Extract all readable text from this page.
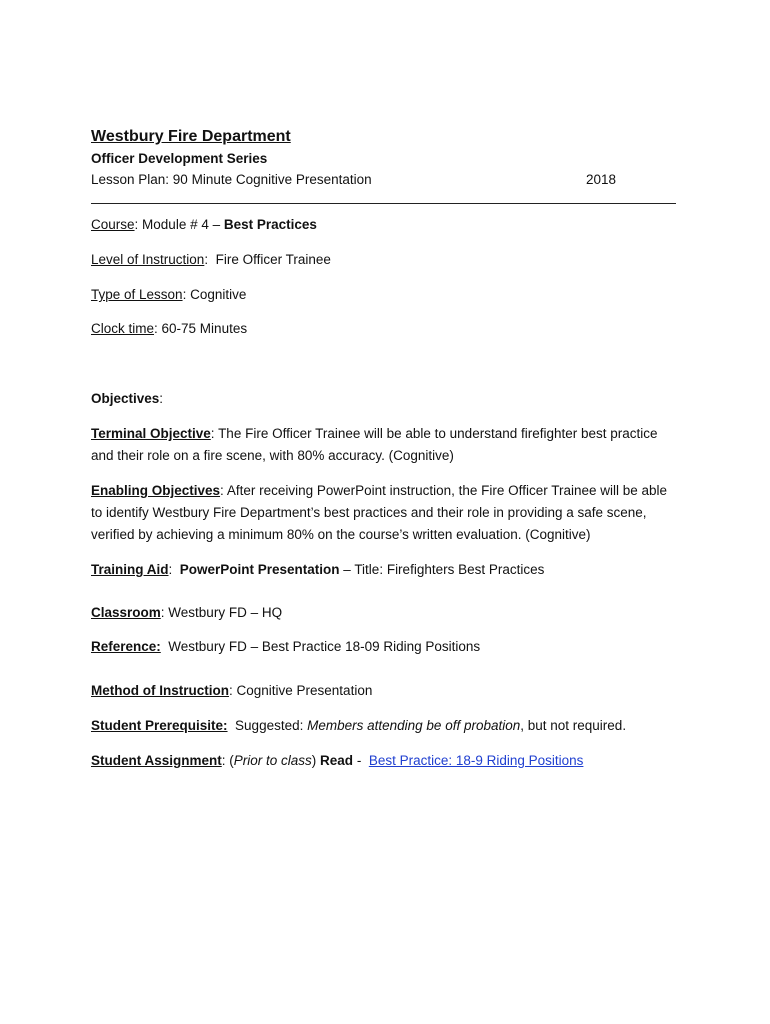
Westbury Fire Department
Officer Development Series
Lesson Plan: 90 Minute Cognitive Presentation	2018

Course: Module # 4 – Best Practices

Level of Instruction:  Fire Officer Trainee

Type of Lesson: Cognitive

Clock time: 60-75 Minutes

Objectives:

Terminal Objective: The Fire Officer Trainee will be able to understand firefighter best practice and their role on a fire scene, with 80% accuracy. (Cognitive)

Enabling Objectives: After receiving PowerPoint instruction, the Fire Officer Trainee will be able to identify Westbury Fire Department’s best practices and their role in providing a safe scene, verified by achieving a minimum 80% on the course’s written evaluation. (Cognitive)

Training Aid:  PowerPoint Presentation – Title: Firefighters Best Practices

Classroom: Westbury FD – HQ

Reference: Westbury FD – Best Practice 18-09 Riding Positions

Method of Instruction: Cognitive Presentation

Student Prerequisite: Suggested: Members attending be off probation, but not required.

Student Assignment: (Prior to class) Read -  Best Practice: 18-9 Riding Positions
